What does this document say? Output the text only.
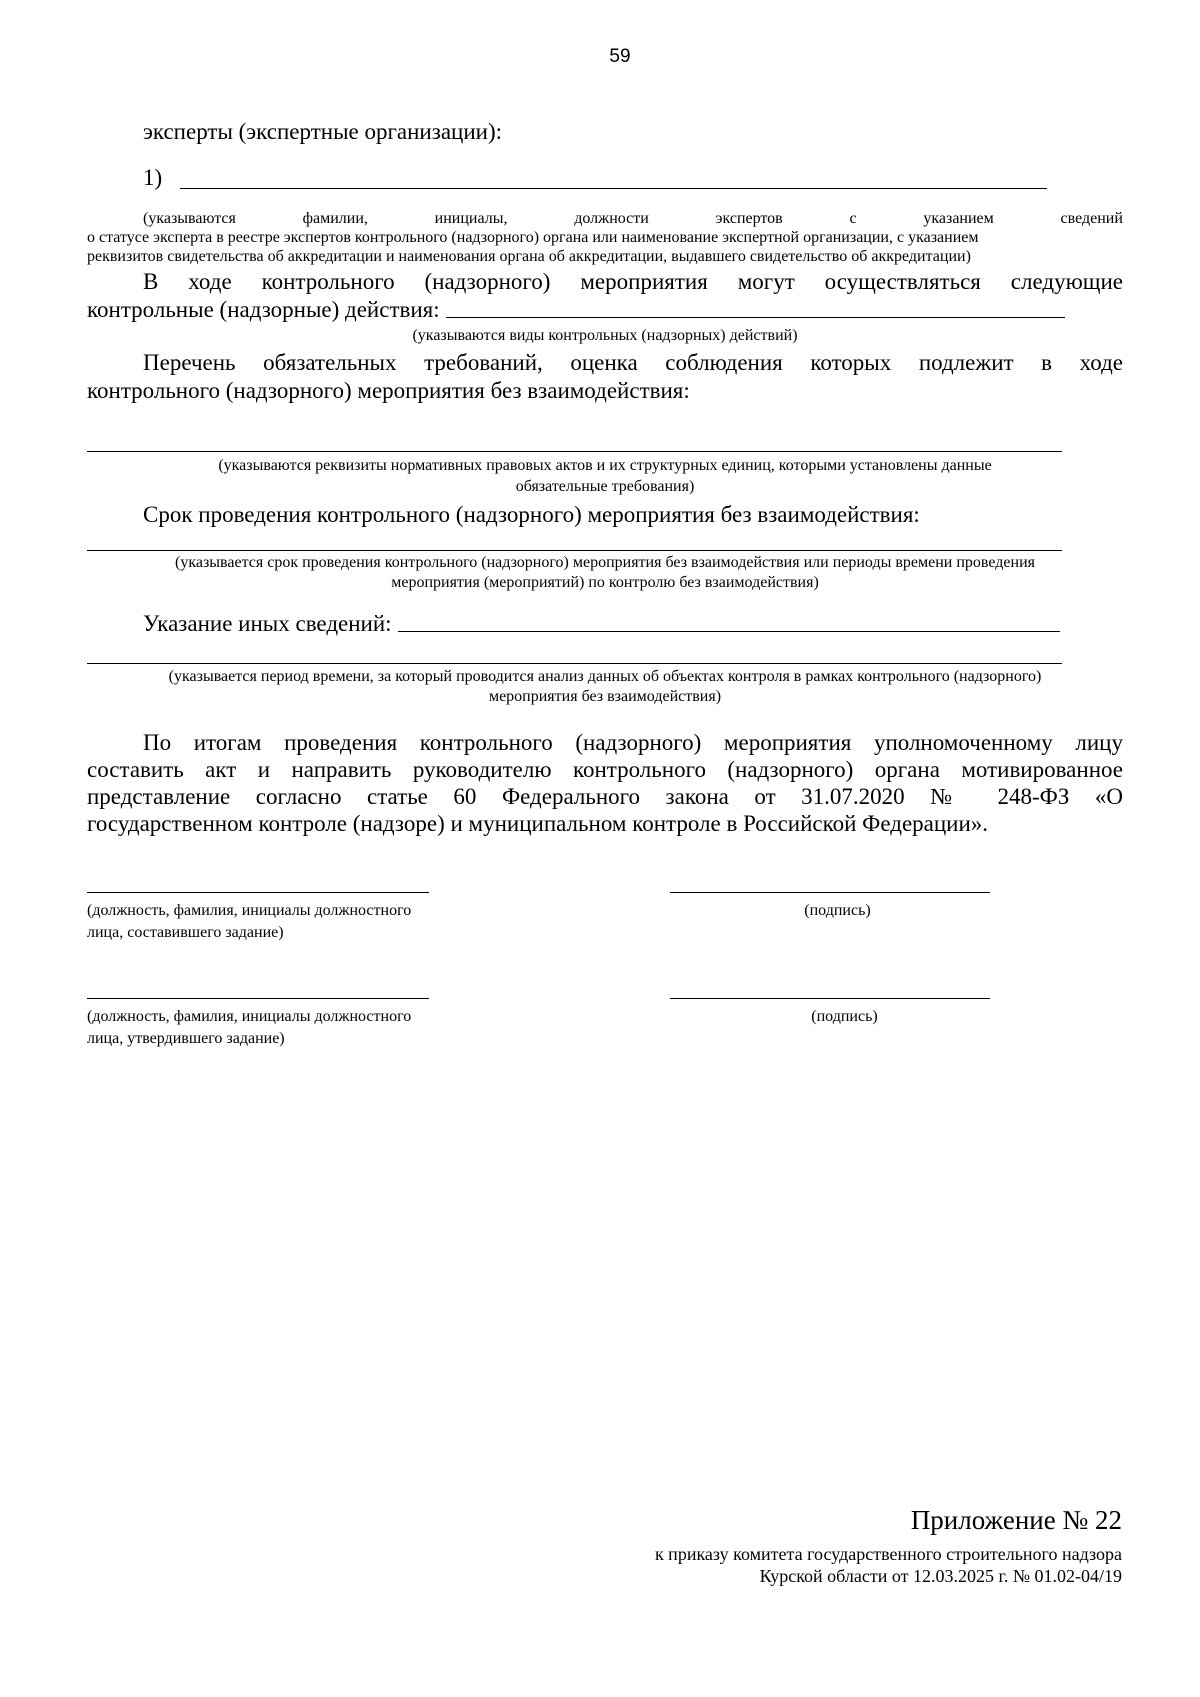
59
эксперты (экспертные организации):
1)
(указываются	фамилии,	инициалы,	должности	экспертов	с	указанием	сведений
о статусе эксперта в реестре экспертов контрольного (надзорного) органа или наименование экспертной организации, с указанием
реквизитов свидетельства об аккредитации и наименования органа об аккредитации, выдавшего свидетельство об аккредитации)
В ходе контрольного (надзорного) мероприятия могут осуществляться следующие
контрольные (надзорные) действия:
(указываются виды контрольных (надзорных) действий)
Перечень обязательных требований, оценка соблюдения которых подлежит в ходе
контрольного (надзорного) мероприятия без взаимодействия:
(указываются реквизиты нормативных правовых актов и их структурных единиц, которыми установлены данные
обязательные требования)
Срок проведения контрольного (надзорного) мероприятия без взаимодействия:
(указывается срок проведения контрольного (надзорного) мероприятия без взаимодействия или периоды времени проведения
мероприятия (мероприятий) по контролю без взаимодействия)
Указание иных сведений:
(указывается период времени, за который проводится анализ данных об объектах контроля в рамках контрольного (надзорного)
мероприятия без взаимодействия)
По итогам проведения контрольного (надзорного) мероприятия уполномоченному лицу
составить акт и направить руководителю контрольного (надзорного) органа мотивированное
представление согласно статье 60 Федерального закона от 31.07.2020 № 248-ФЗ «О
государственном контроле (надзоре) и муниципальном контроле в Российской Федерации».
(должность, фамилия, инициалы должностного
лица, составившего задание)
(подпись)
(должность, фамилия, инициалы должностного
лица, утвердившего задание)
(подпись)
Приложение № 22
к приказу комитета государственного строительного надзора
Курской области от 12.03.2025 г. № 01.02-04/19
